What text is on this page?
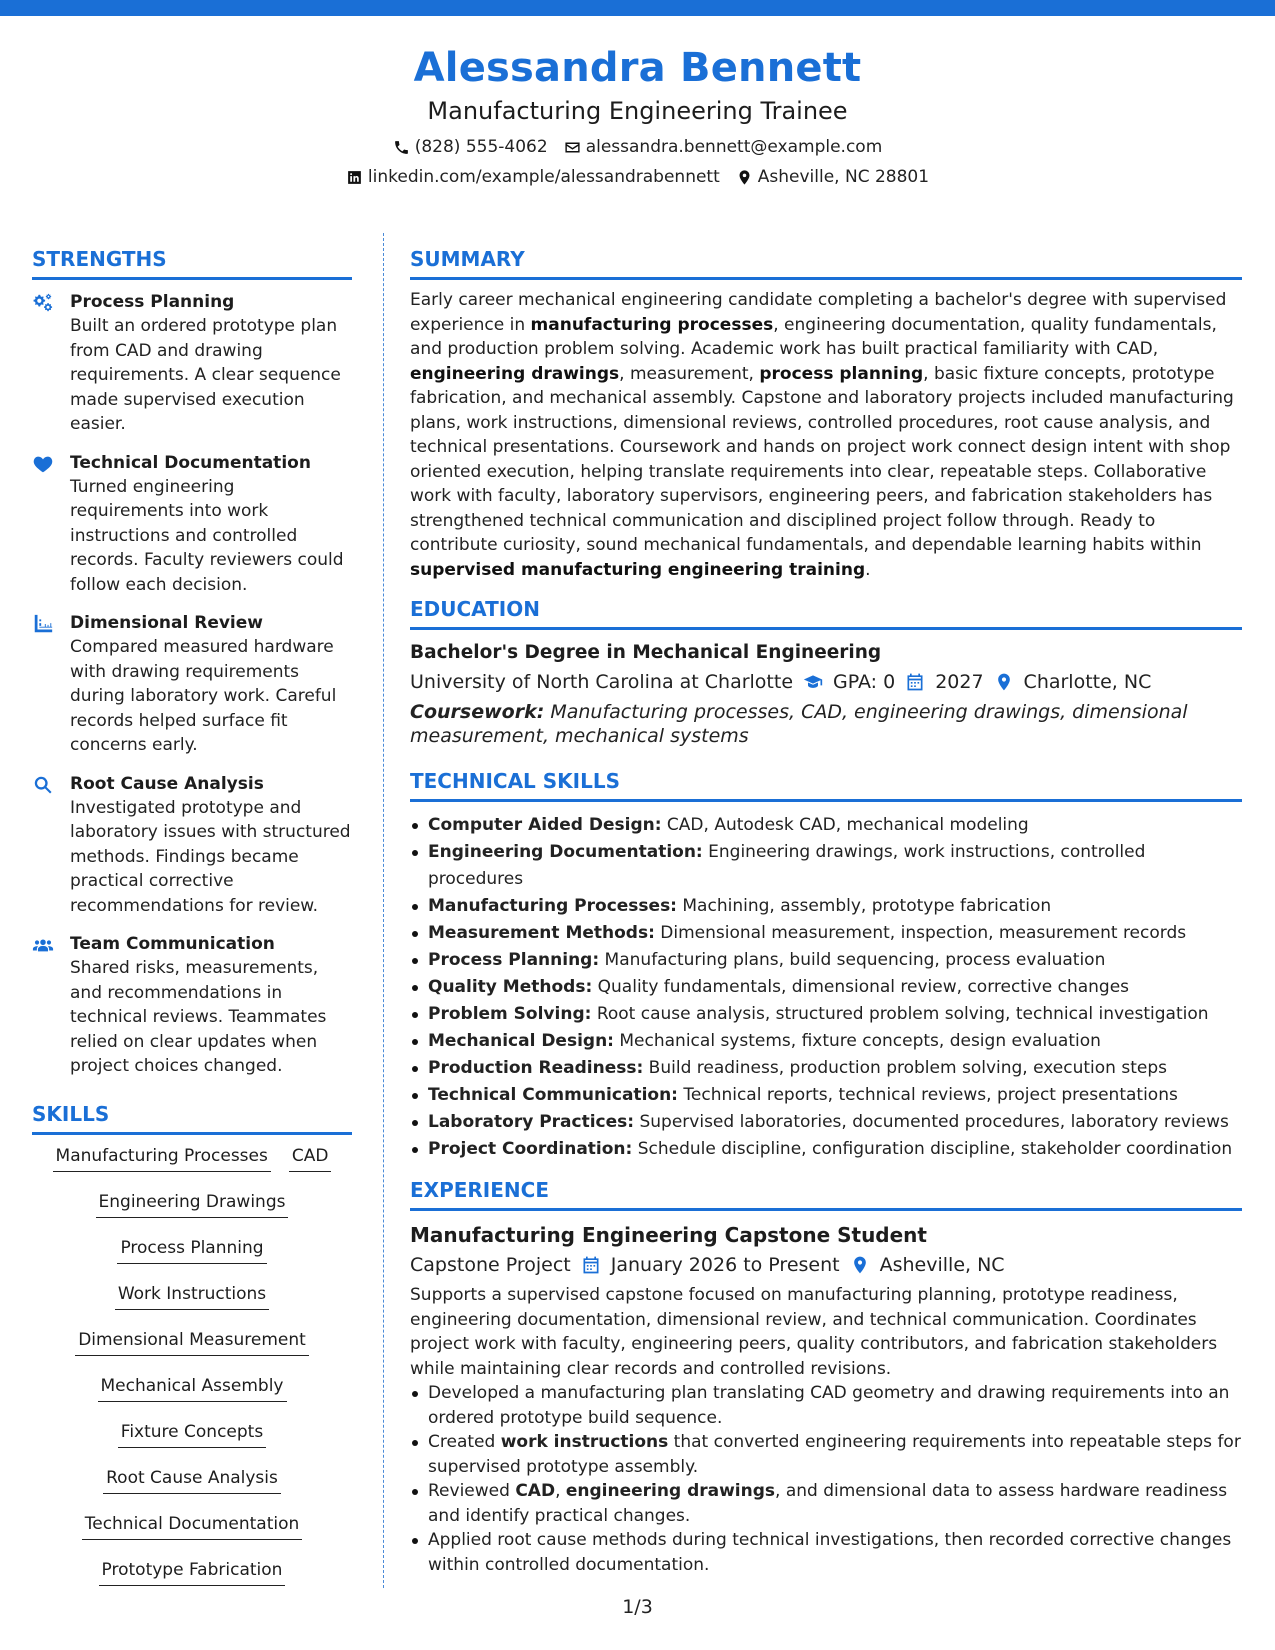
Alessandra Bennett
Manufacturing Engineering Trainee
(828) 555-4062 alessandra.bennett@example.com
linkedin.com/example/alessandrabennett Asheville, NC 28801
STRENGTHS
Process Planning
Built an ordered prototype plan from CAD and drawing requirements. A clear sequence made supervised execution easier.
Technical Documentation
Turned engineering requirements into work instructions and controlled records. Faculty reviewers could follow each decision.
Dimensional Review
Compared measured hardware with drawing requirements during laboratory work. Careful records helped surface fit concerns early.
Root Cause Analysis
Investigated prototype and laboratory issues with structured methods. Findings became practical corrective recommendations for review.
Team Communication
Shared risks, measurements, and recommendations in technical reviews. Teammates relied on clear updates when project choices changed.
SKILLS
Manufacturing Processes CAD
Engineering Drawings
Process Planning
Work Instructions
Dimensional Measurement
Mechanical Assembly
Fixture Concepts
Root Cause Analysis
Technical Documentation
Prototype Fabrication
SUMMARY
Early career mechanical engineering candidate completing a bachelor's degree with supervised experience in manufacturing processes, engineering documentation, quality fundamentals, and production problem solving. Academic work has built practical familiarity with CAD, engineering drawings, measurement, process planning, basic fixture concepts, prototype fabrication, and mechanical assembly. Capstone and laboratory projects included manufacturing plans, work instructions, dimensional reviews, controlled procedures, root cause analysis, and technical presentations. Coursework and hands on project work connect design intent with shop oriented execution, helping translate requirements into clear, repeatable steps. Collaborative work with faculty, laboratory supervisors, engineering peers, and fabrication stakeholders has strengthened technical communication and disciplined project follow through. Ready to contribute curiosity, sound mechanical fundamentals, and dependable learning habits within supervised manufacturing engineering training.
EDUCATION
Bachelor's Degree in Mechanical Engineering
University of North Carolina at Charlotte GPA: 0 2027 Charlotte, NC
Coursework: Manufacturing processes, CAD, engineering drawings, dimensional measurement, mechanical systems
TECHNICAL SKILLS
Computer Aided Design: CAD, Autodesk CAD, mechanical modeling
Engineering Documentation: Engineering drawings, work instructions, controlled procedures
Manufacturing Processes: Machining, assembly, prototype fabrication
Measurement Methods: Dimensional measurement, inspection, measurement records
Process Planning: Manufacturing plans, build sequencing, process evaluation
Quality Methods: Quality fundamentals, dimensional review, corrective changes
Problem Solving: Root cause analysis, structured problem solving, technical investigation
Mechanical Design: Mechanical systems, fixture concepts, design evaluation
Production Readiness: Build readiness, production problem solving, execution steps
Technical Communication: Technical reports, technical reviews, project presentations
Laboratory Practices: Supervised laboratories, documented procedures, laboratory reviews
Project Coordination: Schedule discipline, configuration discipline, stakeholder coordination
EXPERIENCE
Manufacturing Engineering Capstone Student
Capstone Project January 2026 to Present Asheville, NC
Supports a supervised capstone focused on manufacturing planning, prototype readiness, engineering documentation, dimensional review, and technical communication. Coordinates project work with faculty, engineering peers, quality contributors, and fabrication stakeholders while maintaining clear records and controlled revisions.
Developed a manufacturing plan translating CAD geometry and drawing requirements into an ordered prototype build sequence.
Created work instructions that converted engineering requirements into repeatable steps for supervised prototype assembly.
Reviewed CAD, engineering drawings, and dimensional data to assess hardware readiness and identify practical changes.
Applied root cause methods during technical investigations, then recorded corrective changes within controlled documentation.
1/3
